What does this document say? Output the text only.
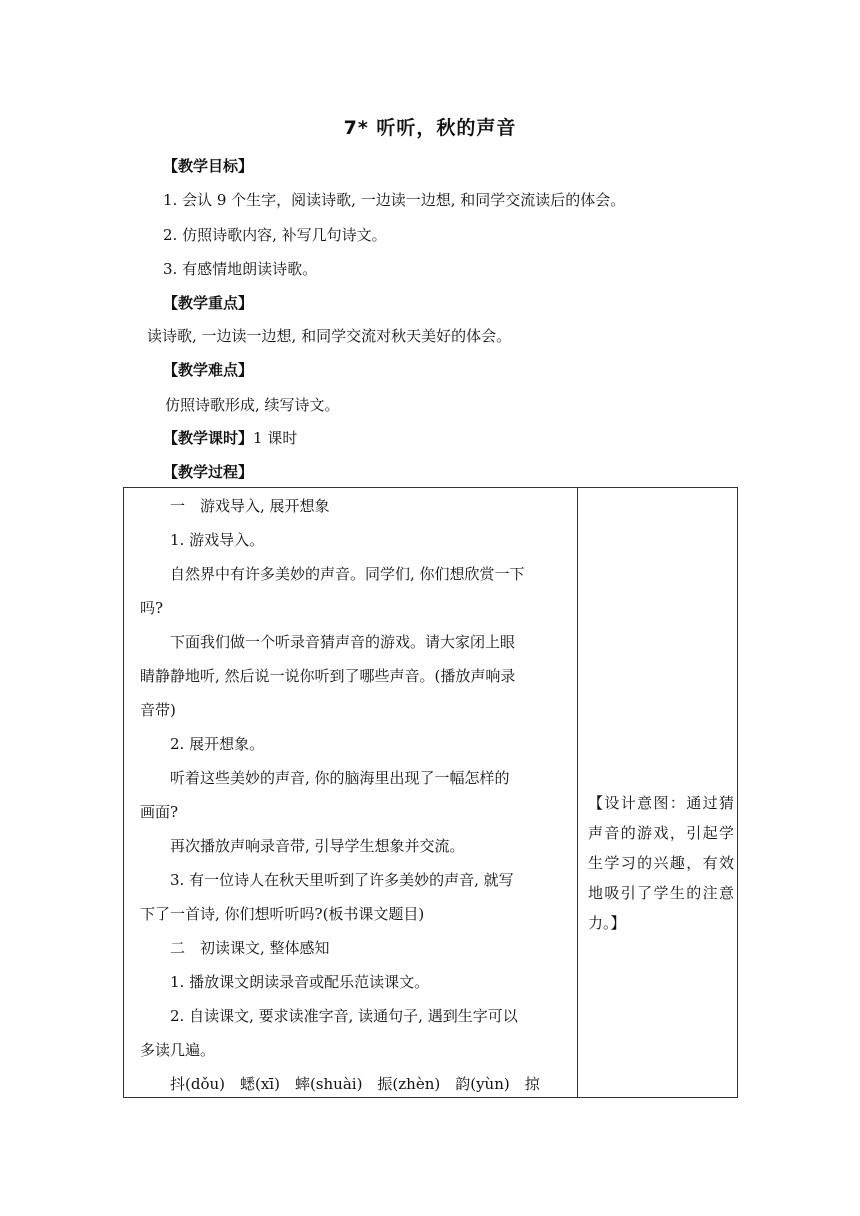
7* 听听，秋的声音
【教学目标】
1. 会认 9 个生字，阅读诗歌, 一边读一边想, 和同学交流读后的体会。
2. 仿照诗歌内容, 补写几句诗文。
3. 有感情地朗读诗歌。
【教学重点】
读诗歌, 一边读一边想, 和同学交流对秋天美好的体会。
【教学难点】
仿照诗歌形成, 续写诗文。
【教学课时】1 课时
【教学过程】
一　游戏导入, 展开想象
1. 游戏导入。
自然界中有许多美妙的声音。同学们, 你们想欣赏一下
吗?
下面我们做一个听录音猜声音的游戏。请大家闭上眼
睛静静地听, 然后说一说你听到了哪些声音。(播放声响录
音带)
2. 展开想象。
听着这些美妙的声音, 你的脑海里出现了一幅怎样的
画面?
再次播放声响录音带, 引导学生想象并交流。
3. 有一位诗人在秋天里听到了许多美妙的声音, 就写
下了一首诗, 你们想听听吗?(板书课文题目)
二　初读课文, 整体感知
1. 播放课文朗读录音或配乐范读课文。
2. 自读课文, 要求读准字音, 读通句子, 遇到生字可以
多读几遍。
抖(dǒu)　蟋(xī)　蟀(shuài)　振(zhèn)　韵(yùn)　掠

【设计意图：通过猜声音的游戏，引起学生学习的兴趣，有效地吸引了学生的注意力。】
